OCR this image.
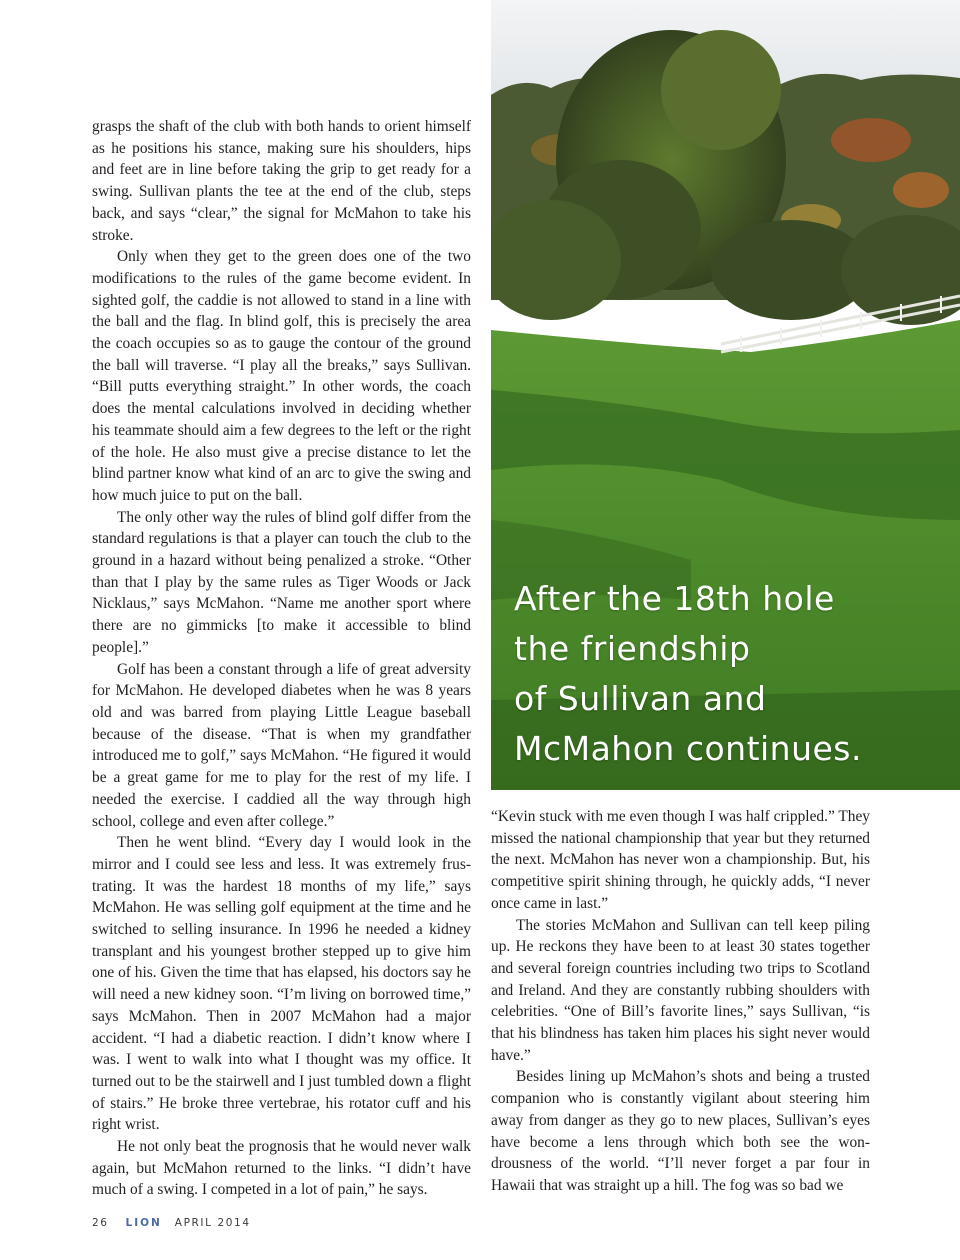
After the 18th hole
the friendship
of Sullivan and
McMahon continues.

grasps the shaft of the club with both hands to orient himself as he positions his stance, making sure his shoulders, hips and feet are in line before taking the grip to get ready for a swing. Sullivan plants the tee at the end of the club, steps back, and says “clear,” the signal for McMahon to take his stroke.

Only when they get to the green does one of the two modifications to the rules of the game become evident. In sighted golf, the caddie is not allowed to stand in a line with the ball and the flag. In blind golf, this is precisely the area the coach occupies so as to gauge the contour of the ground the ball will traverse. “I play all the breaks,” says Sullivan. “Bill putts everything straight.” In other words, the coach does the mental calculations involved in deciding whether his teammate should aim a few degrees to the left or the right of the hole. He also must give a precise distance to let the blind partner know what kind of an arc to give the swing and how much juice to put on the ball.

The only other way the rules of blind golf differ from the standard regulations is that a player can touch the club to the ground in a hazard without being penalized a stroke. “Other than that I play by the same rules as Tiger Woods or Jack Nicklaus,” says McMahon. “Name me another sport where there are no gimmicks [to make it accessible to blind people].”

Golf has been a constant through a life of great adversity for McMahon. He developed diabetes when he was 8 years old and was barred from playing Little League baseball because of the disease. “That is when my grandfather introduced me to golf,” says McMahon. “He figured it would be a great game for me to play for the rest of my life. I needed the exercise. I caddied all the way through high school, college and even after college.”

Then he went blind. “Every day I would look in the mirror and I could see less and less. It was extremely frustrating. It was the hardest 18 months of my life,” says McMahon. He was selling golf equipment at the time and he switched to selling insurance. In 1996 he needed a kidney transplant and his youngest brother stepped up to give him one of his. Given the time that has elapsed, his doctors say he will need a new kidney soon. “I’m living on borrowed time,” says McMahon. Then in 2007 McMahon had a major accident. “I had a diabetic reaction. I didn’t know where I was. I went to walk into what I thought was my office. It turned out to be the stairwell and I just tumbled down a flight of stairs.” He broke three vertebrae, his rotator cuff and his right wrist.

He not only beat the prognosis that he would never walk again, but McMahon returned to the links. “I didn’t have much of a swing. I competed in a lot of pain,” he says.

“Kevin stuck with me even though I was half crippled.” They missed the national championship that year but they returned the next. McMahon has never won a championship. But, his competitive spirit shining through, he quickly adds, “I never once came in last.”

The stories McMahon and Sullivan can tell keep piling up. He reckons they have been to at least 30 states together and several foreign countries including two trips to Scotland and Ireland. And they are constantly rubbing shoulders with celebrities. “One of Bill’s favorite lines,” says Sullivan, “is that his blindness has taken him places his sight never would have.”

Besides lining up McMahon’s shots and being a trusted companion who is constantly vigilant about steering him away from danger as they go to new places, Sullivan’s eyes have become a lens through which both see the wondrousness of the world. “I’ll never forget a par four in Hawaii that was straight up a hill. The fog was so bad we

26 LION APRIL 2014
